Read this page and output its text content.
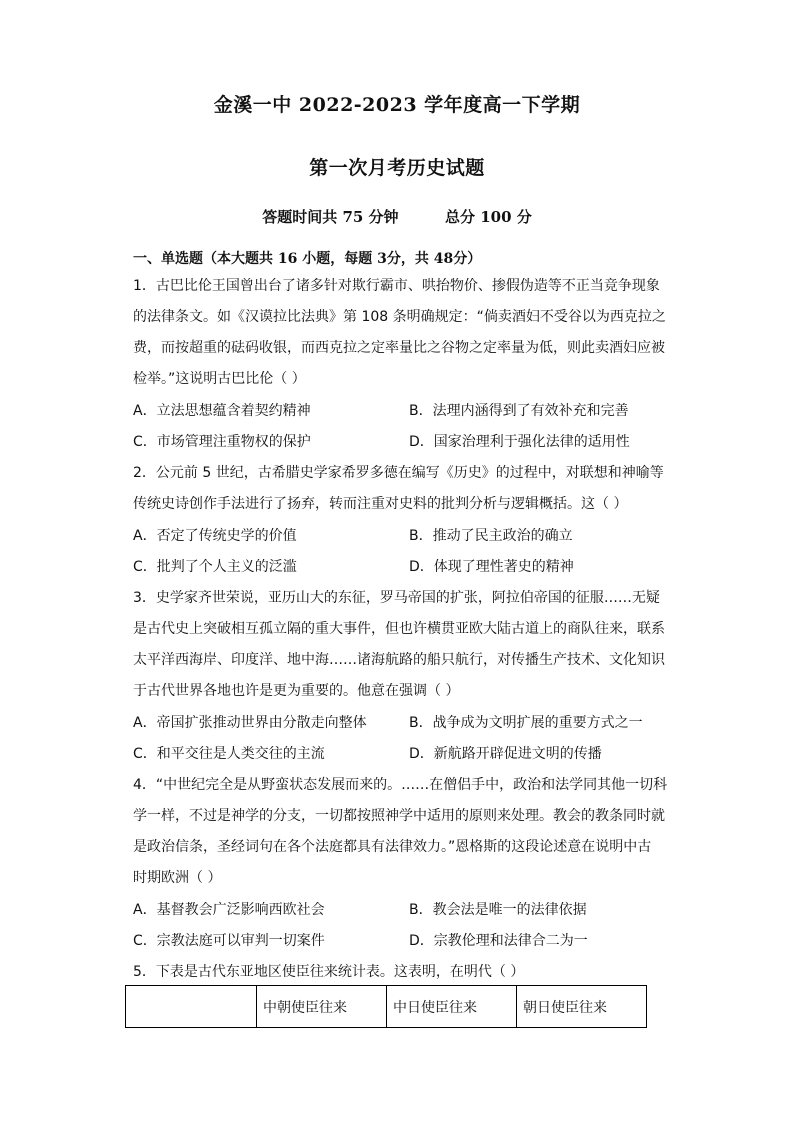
金溪一中 2022-2023 学年度高一下学期
第一次月考历史试题
答题时间共 75 分钟	总分 100 分
一、单选题（本大题共 16 小题，每题 3分，共 48分）
1．古巴比伦王国曾出台了诸多针对欺行霸市、哄抬物价、掺假伪造等不正当竞争现象
的法律条文。如《汉谟拉比法典》第 108 条明确规定：“倘卖酒妇不受谷以为西克拉之
费，而按超重的砝码收银，而西克拉之定率量比之谷物之定率量为低，则此卖酒妇应被
检举。”这说明古巴比伦（ ）
A．立法思想蕴含着契约精神	B．法理内涵得到了有效补充和完善
C．市场管理注重物权的保护	D．国家治理利于强化法律的适用性
2．公元前 5 世纪，古希腊史学家希罗多德在编写《历史》的过程中，对联想和神喻等
传统史诗创作手法进行了扬弃，转而注重对史料的批判分析与逻辑概括。这（ ）
A．否定了传统史学的价值	B．推动了民主政治的确立
C．批判了个人主义的泛滥	D．体现了理性著史的精神
3．史学家齐世荣说，亚历山大的东征，罗马帝国的扩张，阿拉伯帝国的征服……无疑
是古代史上突破相互孤立隔的重大事件，但也许横贯亚欧大陆古道上的商队往来，联系
太平洋西海岸、印度洋、地中海……诸海航路的船只航行，对传播生产技术、文化知识
于古代世界各地也许是更为重要的。他意在强调（ ）
A．帝国扩张推动世界由分散走向整体	B．战争成为文明扩展的重要方式之一
C．和平交往是人类交往的主流	D．新航路开辟促进文明的传播
4．“中世纪完全是从野蛮状态发展而来的。……在僧侣手中，政治和法学同其他一切科
学一样，不过是神学的分支，一切都按照神学中适用的原则来处理。教会的教条同时就
是政治信条，圣经词句在各个法庭都具有法律效力。”恩格斯的这段论述意在说明中古
时期欧洲（ ）
A．基督教会广泛影响西欧社会	B．教会法是唯一的法律依据
C．宗教法庭可以审判一切案件	D．宗教伦理和法律合二为一
5．下表是古代东亚地区使臣往来统计表。这表明，在明代（ ）
	中朝使臣往来	中日使臣往来	朝日使臣往来
